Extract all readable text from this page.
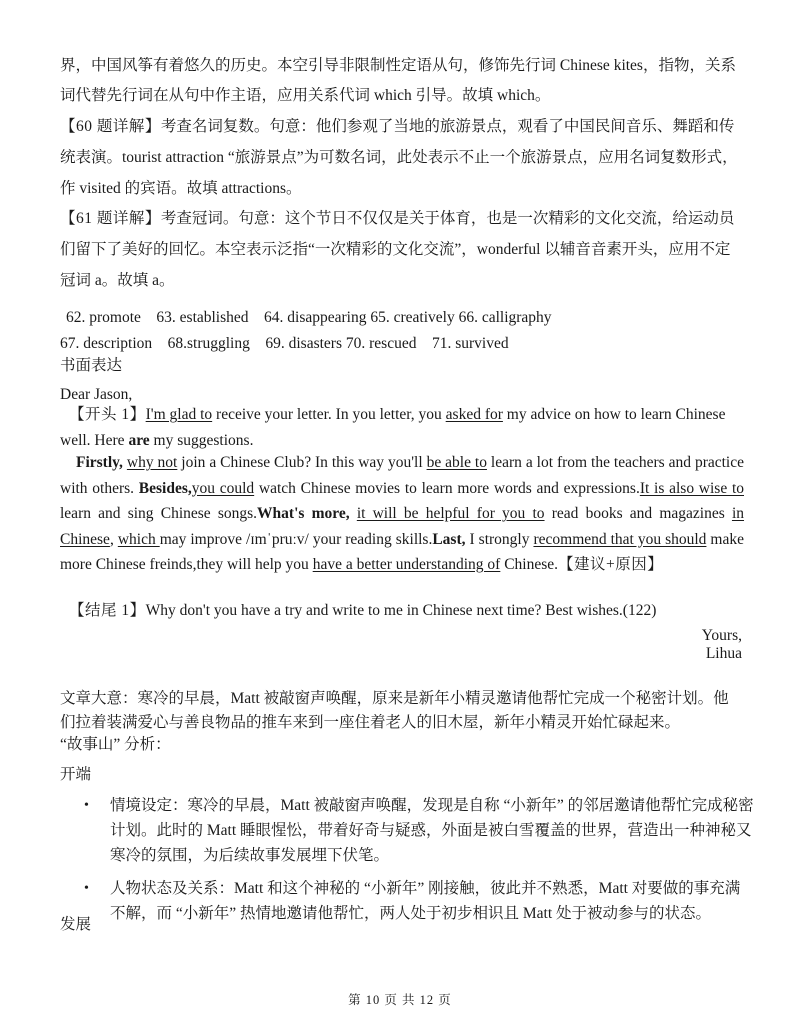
界，中国风筝有着悠久的历史。本空引导非限制性定语从句，修饰先行词 Chinese kites，指物，关系
词代替先行词在从句中作主语，应用关系代词 which 引导。故填 which。
【60 题详解】考查名词复数。句意：他们参观了当地的旅游景点，观看了中国民间音乐、舞蹈和传
统表演。tourist attraction “旅游景点”为可数名词，此处表示不止一个旅游景点，应用名词复数形式，
作 visited 的宾语。故填 attractions。
【61 题详解】考查冠词。句意：这个节日不仅仅是关于体育，也是一次精彩的文化交流，给运动员
们留下了美好的回忆。本空表示泛指“一次精彩的文化交流”，wonderful 以辅音音素开头，应用不定
冠词 a。故填 a。
62. promote    63. established    64. disappearing 65. creatively 66. calligraphy
67. description    68.struggling    69. disasters 70. rescued    71. survived
书面表达
Dear Jason,
【开头 1】I'm glad to receive your letter. In you letter, you asked for my advice on how to learn Chinese well. Here are my suggestions.
Firstly, why not join a Chinese Club? In this way you'll be able to learn a lot from the teachers and practice with others. Besides,you could watch Chinese movies to learn more words and expressions.It is also wise to learn and sing Chinese songs.What's more, it will be helpful for you to read books and magazines in Chinese, which may improve /ɪmˈpruːv/ your reading skills.Last, I strongly recommend that you should make more Chinese freinds,they will help you have a better understanding of Chinese.【建议+原因】
【结尾 1】Why don't you have a try and write to me in Chinese next time? Best wishes.(122)
Yours,
Lihua
文章大意：寒冷的早晨，Matt 被敲窗声唤醒，原来是新年小精灵邀请他帮忙完成一个秘密计划。他
们拉着装满爱心与善良物品的推车来到一座住着老人的旧木屋，新年小精灵开始忙碌起来。
“故事山” 分析：
开端
• 情境设定：寒冷的早晨，Matt 被敲窗声唤醒，发现是自称 “小新年” 的邻居邀请他帮忙完成秘密计划。此时的 Matt 睡眼惺忪，带着好奇与疑惑，外面是被白雪覆盖的世界，营造出一种神秘又寒冷的氛围，为后续故事发展埋下伏笔。
• 人物状态及关系：Matt 和这个神秘的 “小新年” 刚接触，彼此并不熟悉，Matt 对要做的事充满不解，而 “小新年” 热情地邀请他帮忙，两人处于初步相识且 Matt 处于被动参与的状态。
发展
第 10 页 共 12 页
